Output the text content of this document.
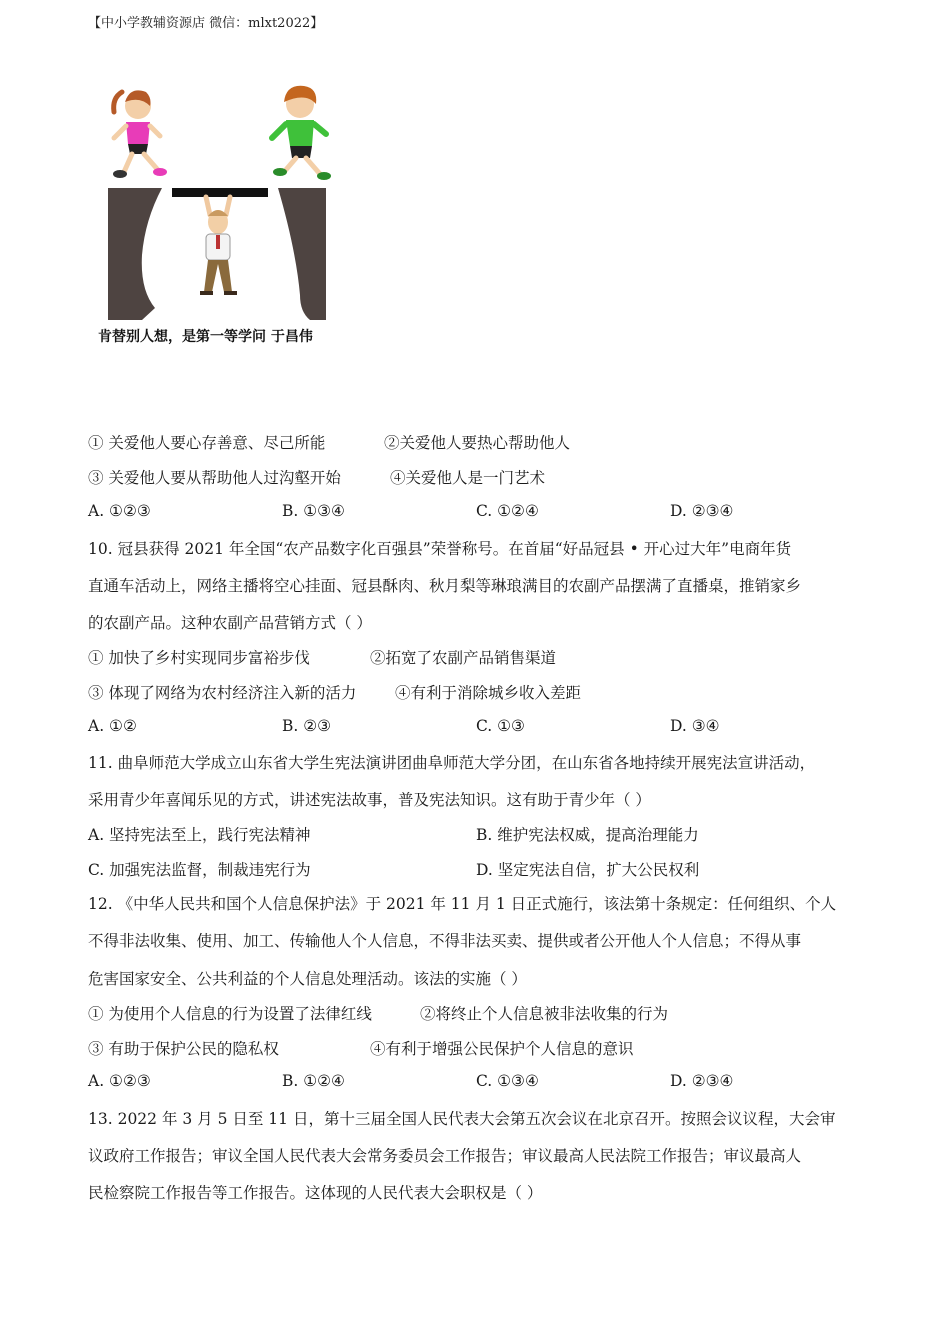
【中小学教辅资源店 微信：mlxt2022】
肯替别人想，是第一等学问 于昌伟
① 关爱他人要心存善意、尽己所能	②关爱他人要热心帮助他人
③ 关爱他人要从帮助他人过沟壑开始	④关爱他人是一门艺术
A. ①②③	B. ①③④	C. ①②④	D. ②③④
10. 冠县获得 2021 年全国“农产品数字化百强县”荣誉称号。在首届“好品冠县 • 开心过大年”电商年货
直通车活动上，网络主播将空心挂面、冠县酥肉、秋月梨等琳琅满目的农副产品摆满了直播桌，推销家乡
的农副产品。这种农副产品营销方式（ ）
① 加快了乡村实现同步富裕步伐	②拓宽了农副产品销售渠道
③ 体现了网络为农村经济注入新的活力 ④有利于消除城乡收入差距
A. ①②	B. ②③	C. ①③	D. ③④
11. 曲阜师范大学成立山东省大学生宪法演讲团曲阜师范大学分团，在山东省各地持续开展宪法宣讲活动，
采用青少年喜闻乐见的方式，讲述宪法故事，普及宪法知识。这有助于青少年（ ）
A. 坚持宪法至上，践行宪法精神	B. 维护宪法权威，提高治理能力
C. 加强宪法监督，制裁违宪行为	D. 坚定宪法自信，扩大公民权利
12. 《中华人民共和国个人信息保护法》于 2021 年 11 月 1 日正式施行，该法第十条规定：任何组织、个人
不得非法收集、使用、加工、传输他人个人信息，不得非法买卖、提供或者公开他人个人信息；不得从事
危害国家安全、公共利益的个人信息处理活动。该法的实施（ ）
① 为使用个人信息的行为设置了法律红线	②将终止个人信息被非法收集的行为
③ 有助于保护公民的隐私权	④有利于增强公民保护个人信息的意识
A. ①②③	B. ①②④	C. ①③④	D. ②③④
13. 2022 年 3 月 5 日至 11 日，第十三届全国人民代表大会第五次会议在北京召开。按照会议议程，大会审
议政府工作报告；审议全国人民代表大会常务委员会工作报告；审议最高人民法院工作报告；审议最高人
民检察院工作报告等工作报告。这体现的人民代表大会职权是（ ）
